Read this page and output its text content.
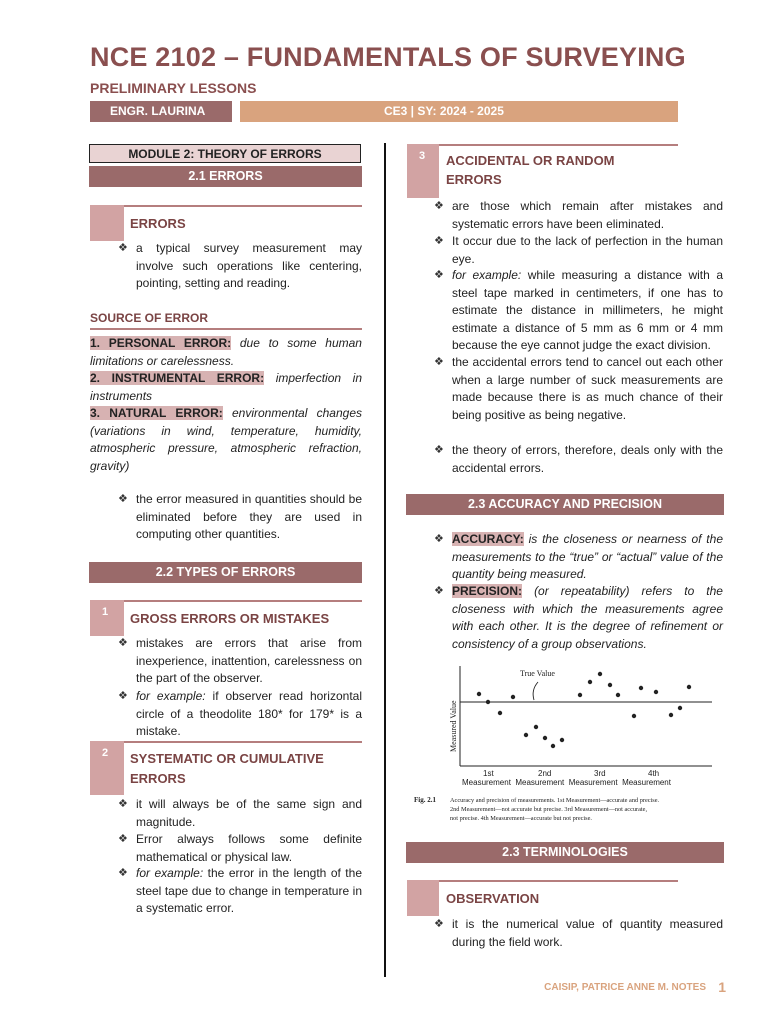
NCE 2102 – FUNDAMENTALS OF SURVEYING
PRELIMINARY LESSONS
ENGR. LAURINA	CE3 | SY: 2024 - 2025
MODULE 2: THEORY OF ERRORS
2.1 ERRORS
ERRORS
❖ a typical survey measurement may involve such operations like centering, pointing, setting and reading.
SOURCE OF ERROR
1. PERSONAL ERROR: due to some human limitations or carelessness.
2. INSTRUMENTAL ERROR: imperfection in instruments
3. NATURAL ERROR: environmental changes (variations in wind, temperature, humidity, atmospheric pressure, atmospheric refraction, gravity)
❖ the error measured in quantities should be eliminated before they are used in computing other quantities.
2.2 TYPES OF ERRORS
1	GROSS ERRORS OR MISTAKES
❖ mistakes are errors that arise from inexperience, inattention, carelessness on the part of the observer.
❖ for example: if observer read horizontal circle of a theodolite 180* for 179* is a mistake.
2	SYSTEMATIC OR CUMULATIVE
ERRORS
❖ it will always be of the same sign and magnitude.
❖ Error always follows some definite mathematical or physical law.
❖ for example: the error in the length of the steel tape due to change in temperature in a systematic error.
3	ACCIDENTAL OR RANDOM
ERRORS
❖ are those which remain after mistakes and systematic errors have been eliminated.
❖ It occur due to the lack of perfection in the human eye.
❖ for example: while measuring a distance with a steel tape marked in centimeters, if one has to estimate the distance in millimeters, he might estimate a distance of 5 mm as 6 mm or 4 mm because the eye cannot judge the exact division.
❖ the accidental errors tend to cancel out each other when a large number of suck measurements are made because there is as much chance of their being positive as being negative.
❖ the theory of errors, therefore, deals only with the accidental errors.
2.3 ACCURACY AND PRECISION
❖ ACCURACY: is the closeness or nearness of the measurements to the “true” or “actual” value of the quantity being measured.
❖ PRECISION: (or repeatability) refers to the closeness with which the measurements agree with each other. It is the degree of refinement or consistency of a group observations.
True Value
Measured Value
1st	2nd	3rd	4th
Measurement  Measurement  Measurement  Measurement
Fig. 2.1 Accuracy and precision of measurements. 1st Measurement—accurate and precise.
2nd Measurement—not accurate but precise. 3rd Measurement—not accurate,
not precise. 4th Measurement—accurate but not precise.
2.3 TERMINOLOGIES
OBSERVATION
❖ it is the numerical value of quantity measured during the field work.
CAISIP, PATRICE ANNE M. NOTES 1
